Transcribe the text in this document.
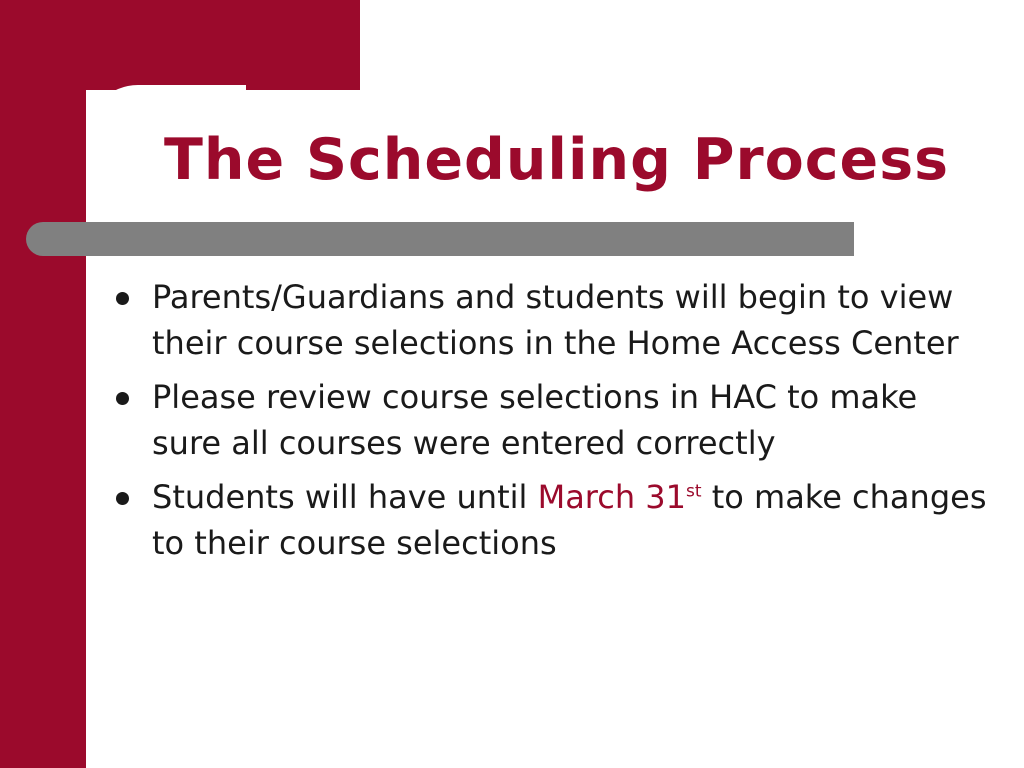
The Scheduling Process
Parents/Guardians and students will begin to view their course selections in the Home Access Center
Please review course selections in HAC to make sure all courses were entered correctly
Students will have until March 31st to make changes to their course selections
